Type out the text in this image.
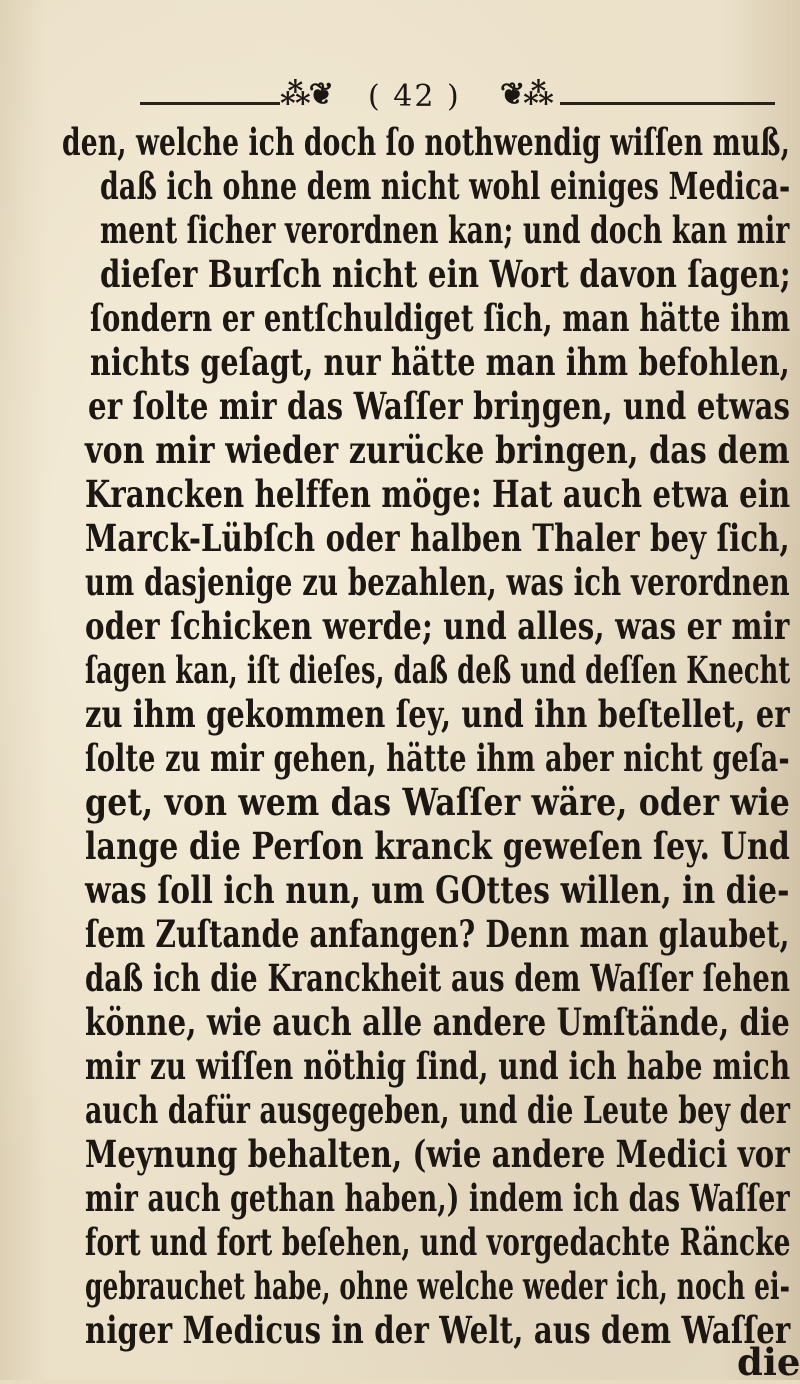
⁂❦ ( 42 ) ❦⁂
den, welche ich doch ſo nothwendig wiſſen muß,
daß ich ohne dem nicht wohl einiges Medica-
ment ſicher verordnen kan; und doch kan mir
dieſer Burſch nicht ein Wort davon ſagen;
ſondern er entſchuldiget ſich, man hätte ihm
nichts geſagt, nur hätte man ihm befohlen,
er ſolte mir das Waſſer briŋgen, und etwas
von mir wieder zurücke bringen, das dem
Krancken helffen möge: Hat auch etwa ein
Marck-Lübſch oder halben Thaler bey ſich,
um dasjenige zu bezahlen, was ich verordnen
oder ſchicken werde; und alles, was er mir
ſagen kan, iſt dieſes, daß deß und deſſen Knecht
zu ihm gekommen ſey, und ihn beſtellet, er
ſolte zu mir gehen, hätte ihm aber nicht geſa-
get, von wem das Waſſer wäre, oder wie
lange die Perſon kranck geweſen ſey. Und
was ſoll ich nun, um GOttes willen, in die-
ſem Zuſtande anfangen? Denn man glaubet,
daß ich die Kranckheit aus dem Waſſer ſehen
könne, wie auch alle andere Umſtände, die
mir zu wiſſen nöthig ſind, und ich habe mich
auch dafür ausgegeben, und die Leute bey der
Meynung behalten, (wie andere Medici vor
mir auch gethan haben,) indem ich das Waſſer
fort und fort beſehen, und vorgedachte Räncke
gebrauchet habe, ohne welche weder ich, noch ei-
niger Medicus in der Welt, aus dem Waſſer
die
